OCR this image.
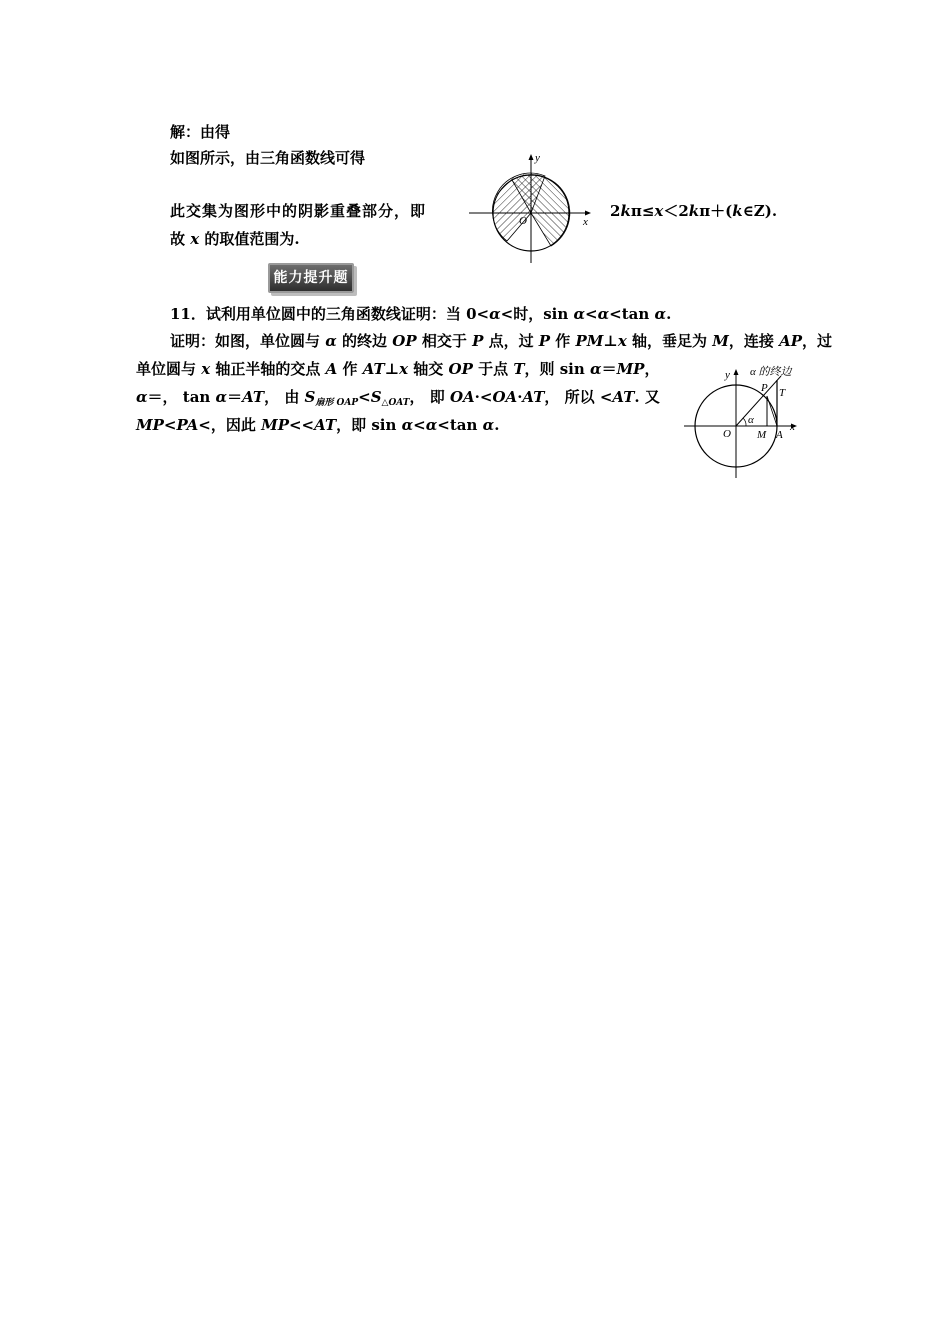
解：由得
如图所示，由三角函数线可得
此交集为图形中的阴影重叠部分，即	2kπ≤x＜2kπ＋(k∈Z).
故 x 的取值范围为.
y
x
O
能力提升题
11．试利用单位圆中的三角函数线证明：当 0<α<时，sin α<α<tan α.
证明：如图，单位圆与 α 的终边 OP 相交于 P 点，过 P 作 PM⊥x 轴，垂足为 M，连接 AP，过
单位圆与 x 轴正半轴的交点 A 作 AT⊥x 轴交 OP 于点 T，则 sin α＝MP，
α＝， tan α＝AT， 由 $S_{扇形 OAP}<S_{\triangle OAT}$， 即 OA·<OA·AT， 所以 <AT. 又
MP<PA<，因此 MP<<AT，即 sin α<α<tan α.
α 的终边
y
x
O
P T
M A
α
